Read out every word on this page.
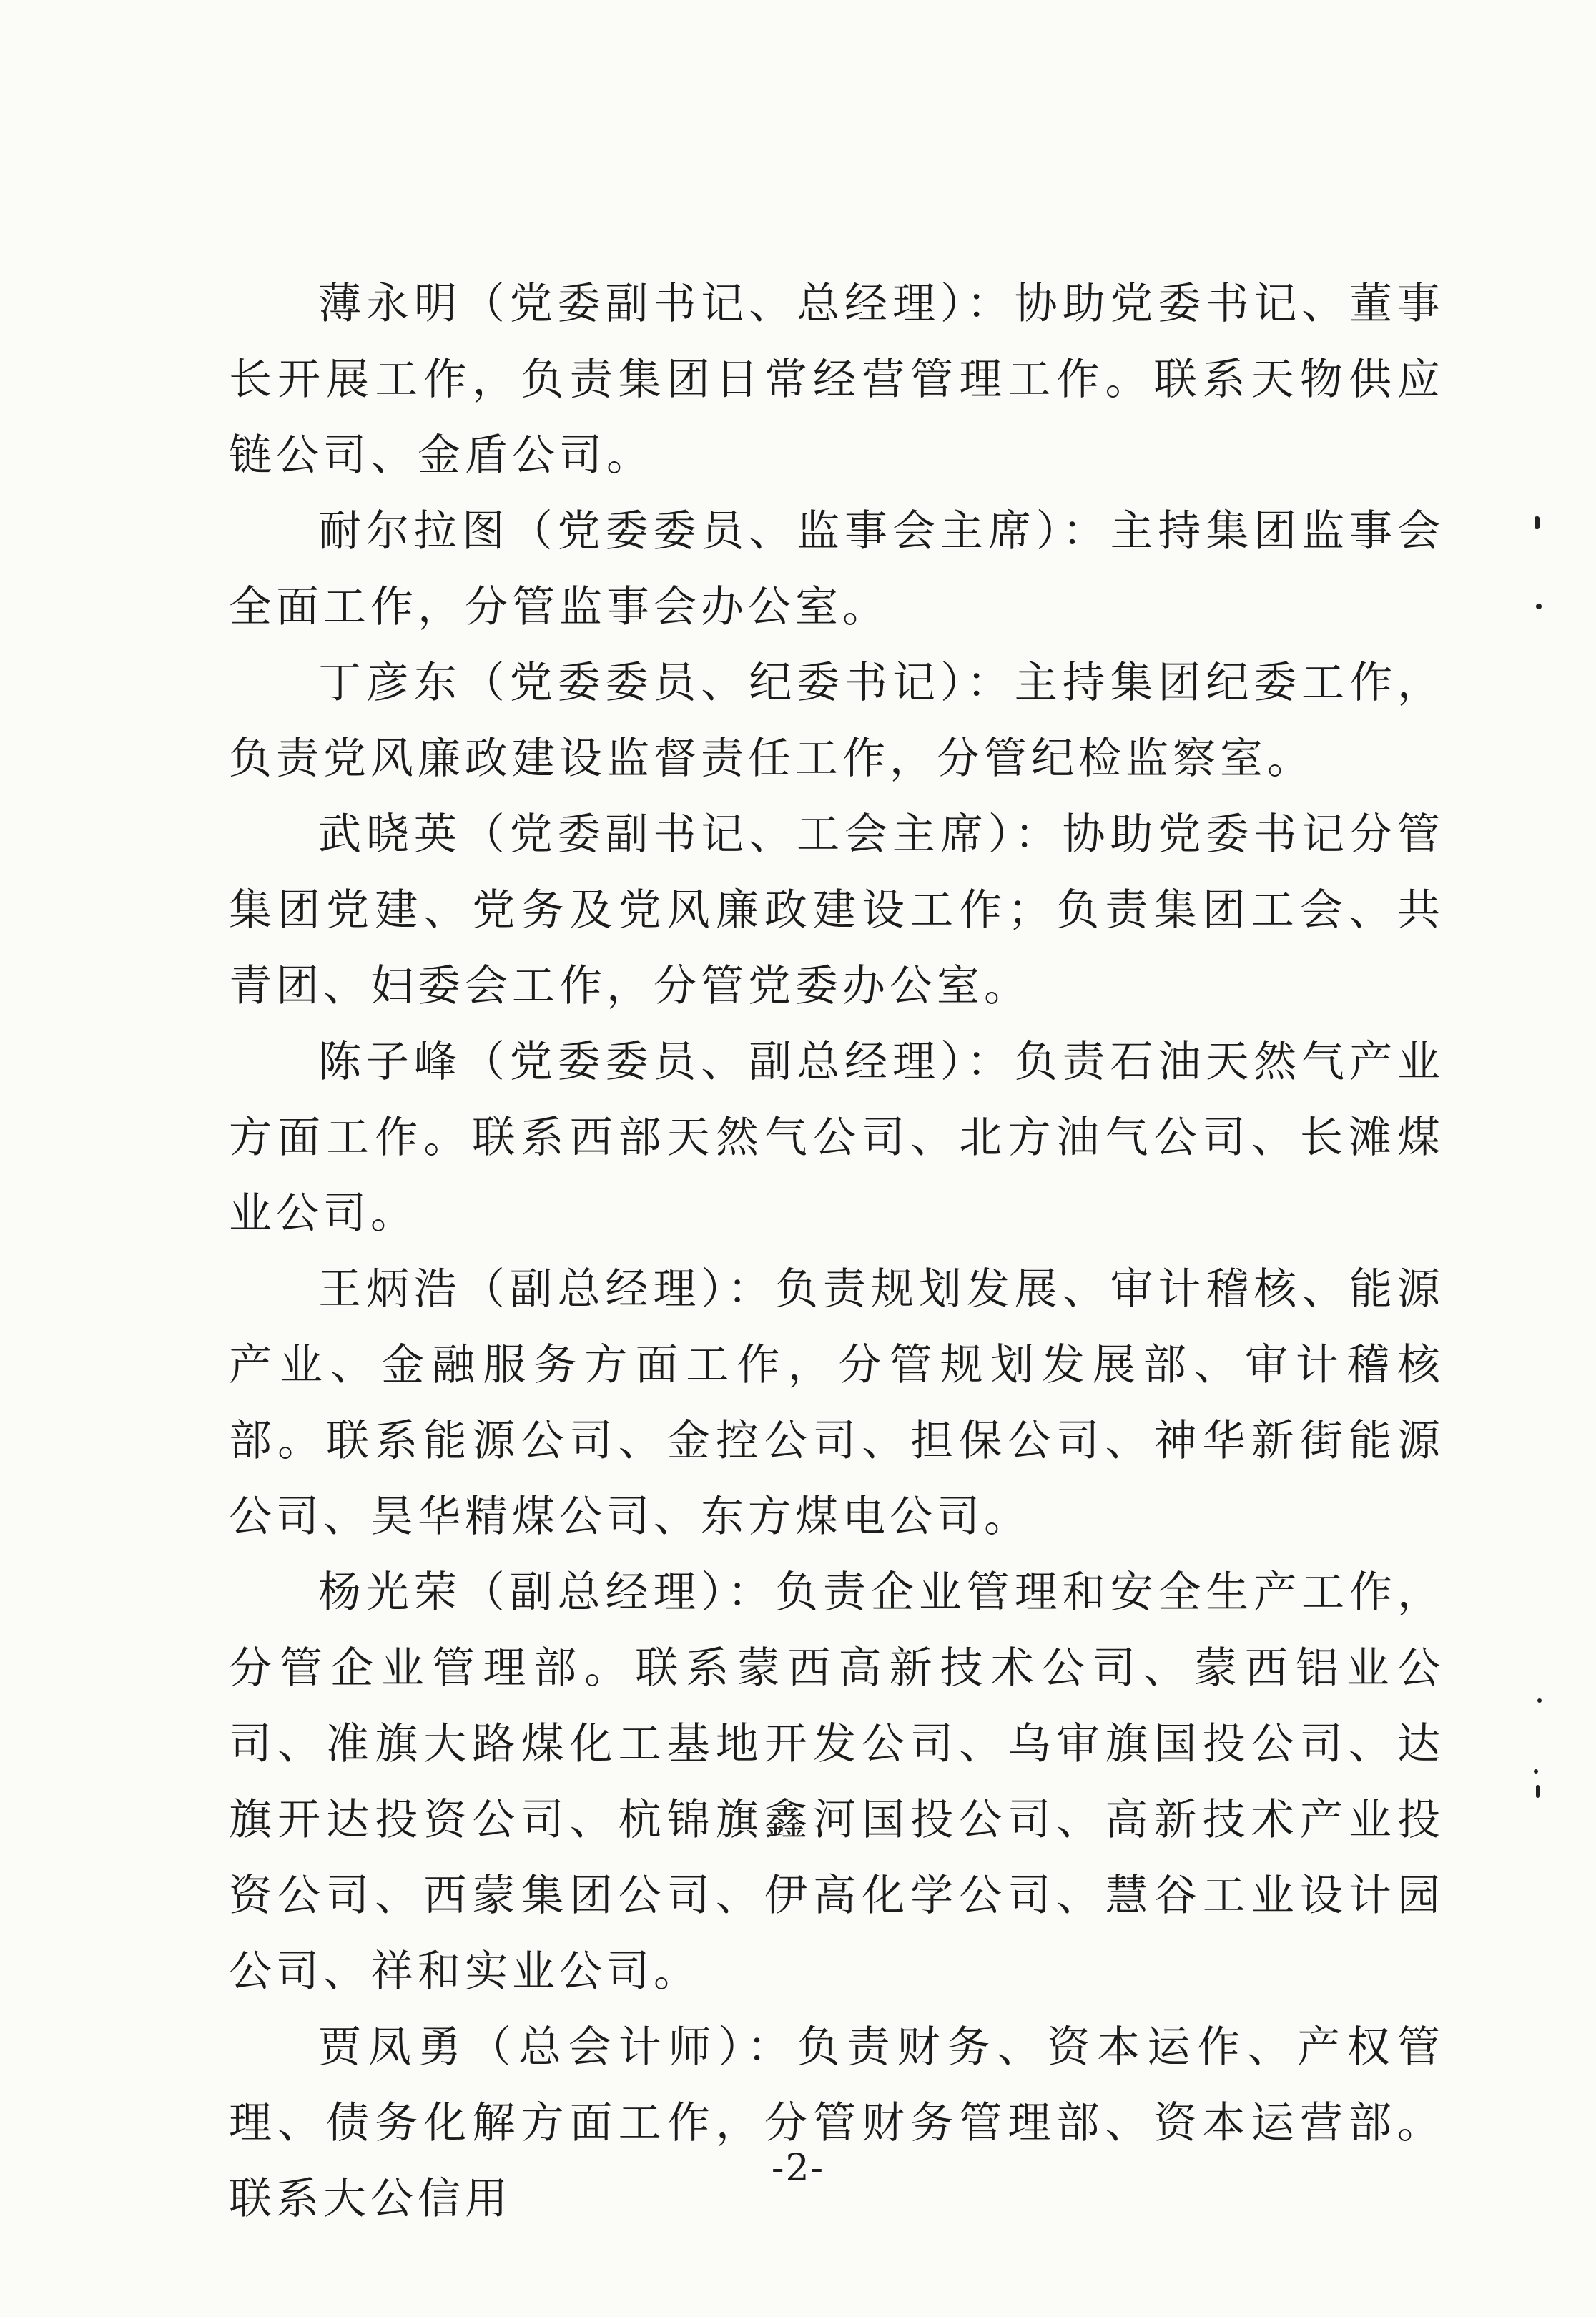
薄永明（党委副书记、总经理）：协助党委书记、董事长开展工作，负责集团日常经营管理工作。联系天物供应链公司、金盾公司。

耐尔拉图（党委委员、监事会主席）：主持集团监事会全面工作，分管监事会办公室。

丁彦东（党委委员、纪委书记）：主持集团纪委工作，负责党风廉政建设监督责任工作，分管纪检监察室。

武晓英（党委副书记、工会主席）：协助党委书记分管集团党建、党务及党风廉政建设工作；负责集团工会、共青团、妇委会工作，分管党委办公室。

陈子峰（党委委员、副总经理）：负责石油天然气产业方面工作。联系西部天然气公司、北方油气公司、长滩煤业公司。

王炳浩（副总经理）：负责规划发展、审计稽核、能源产业、金融服务方面工作，分管规划发展部、审计稽核部。联系能源公司、金控公司、担保公司、神华新街能源公司、昊华精煤公司、东方煤电公司。

杨光荣（副总经理）：负责企业管理和安全生产工作，分管企业管理部。联系蒙西高新技术公司、蒙西铝业公司、准旗大路煤化工基地开发公司、乌审旗国投公司、达旗开达投资公司、杭锦旗鑫河国投公司、高新技术产业投资公司、西蒙集团公司、伊高化学公司、慧谷工业设计园公司、祥和实业公司。

贾凤勇（总会计师）：负责财务、资本运作、产权管理、债务化解方面工作，分管财务管理部、资本运营部。联系大公信用

-2-
